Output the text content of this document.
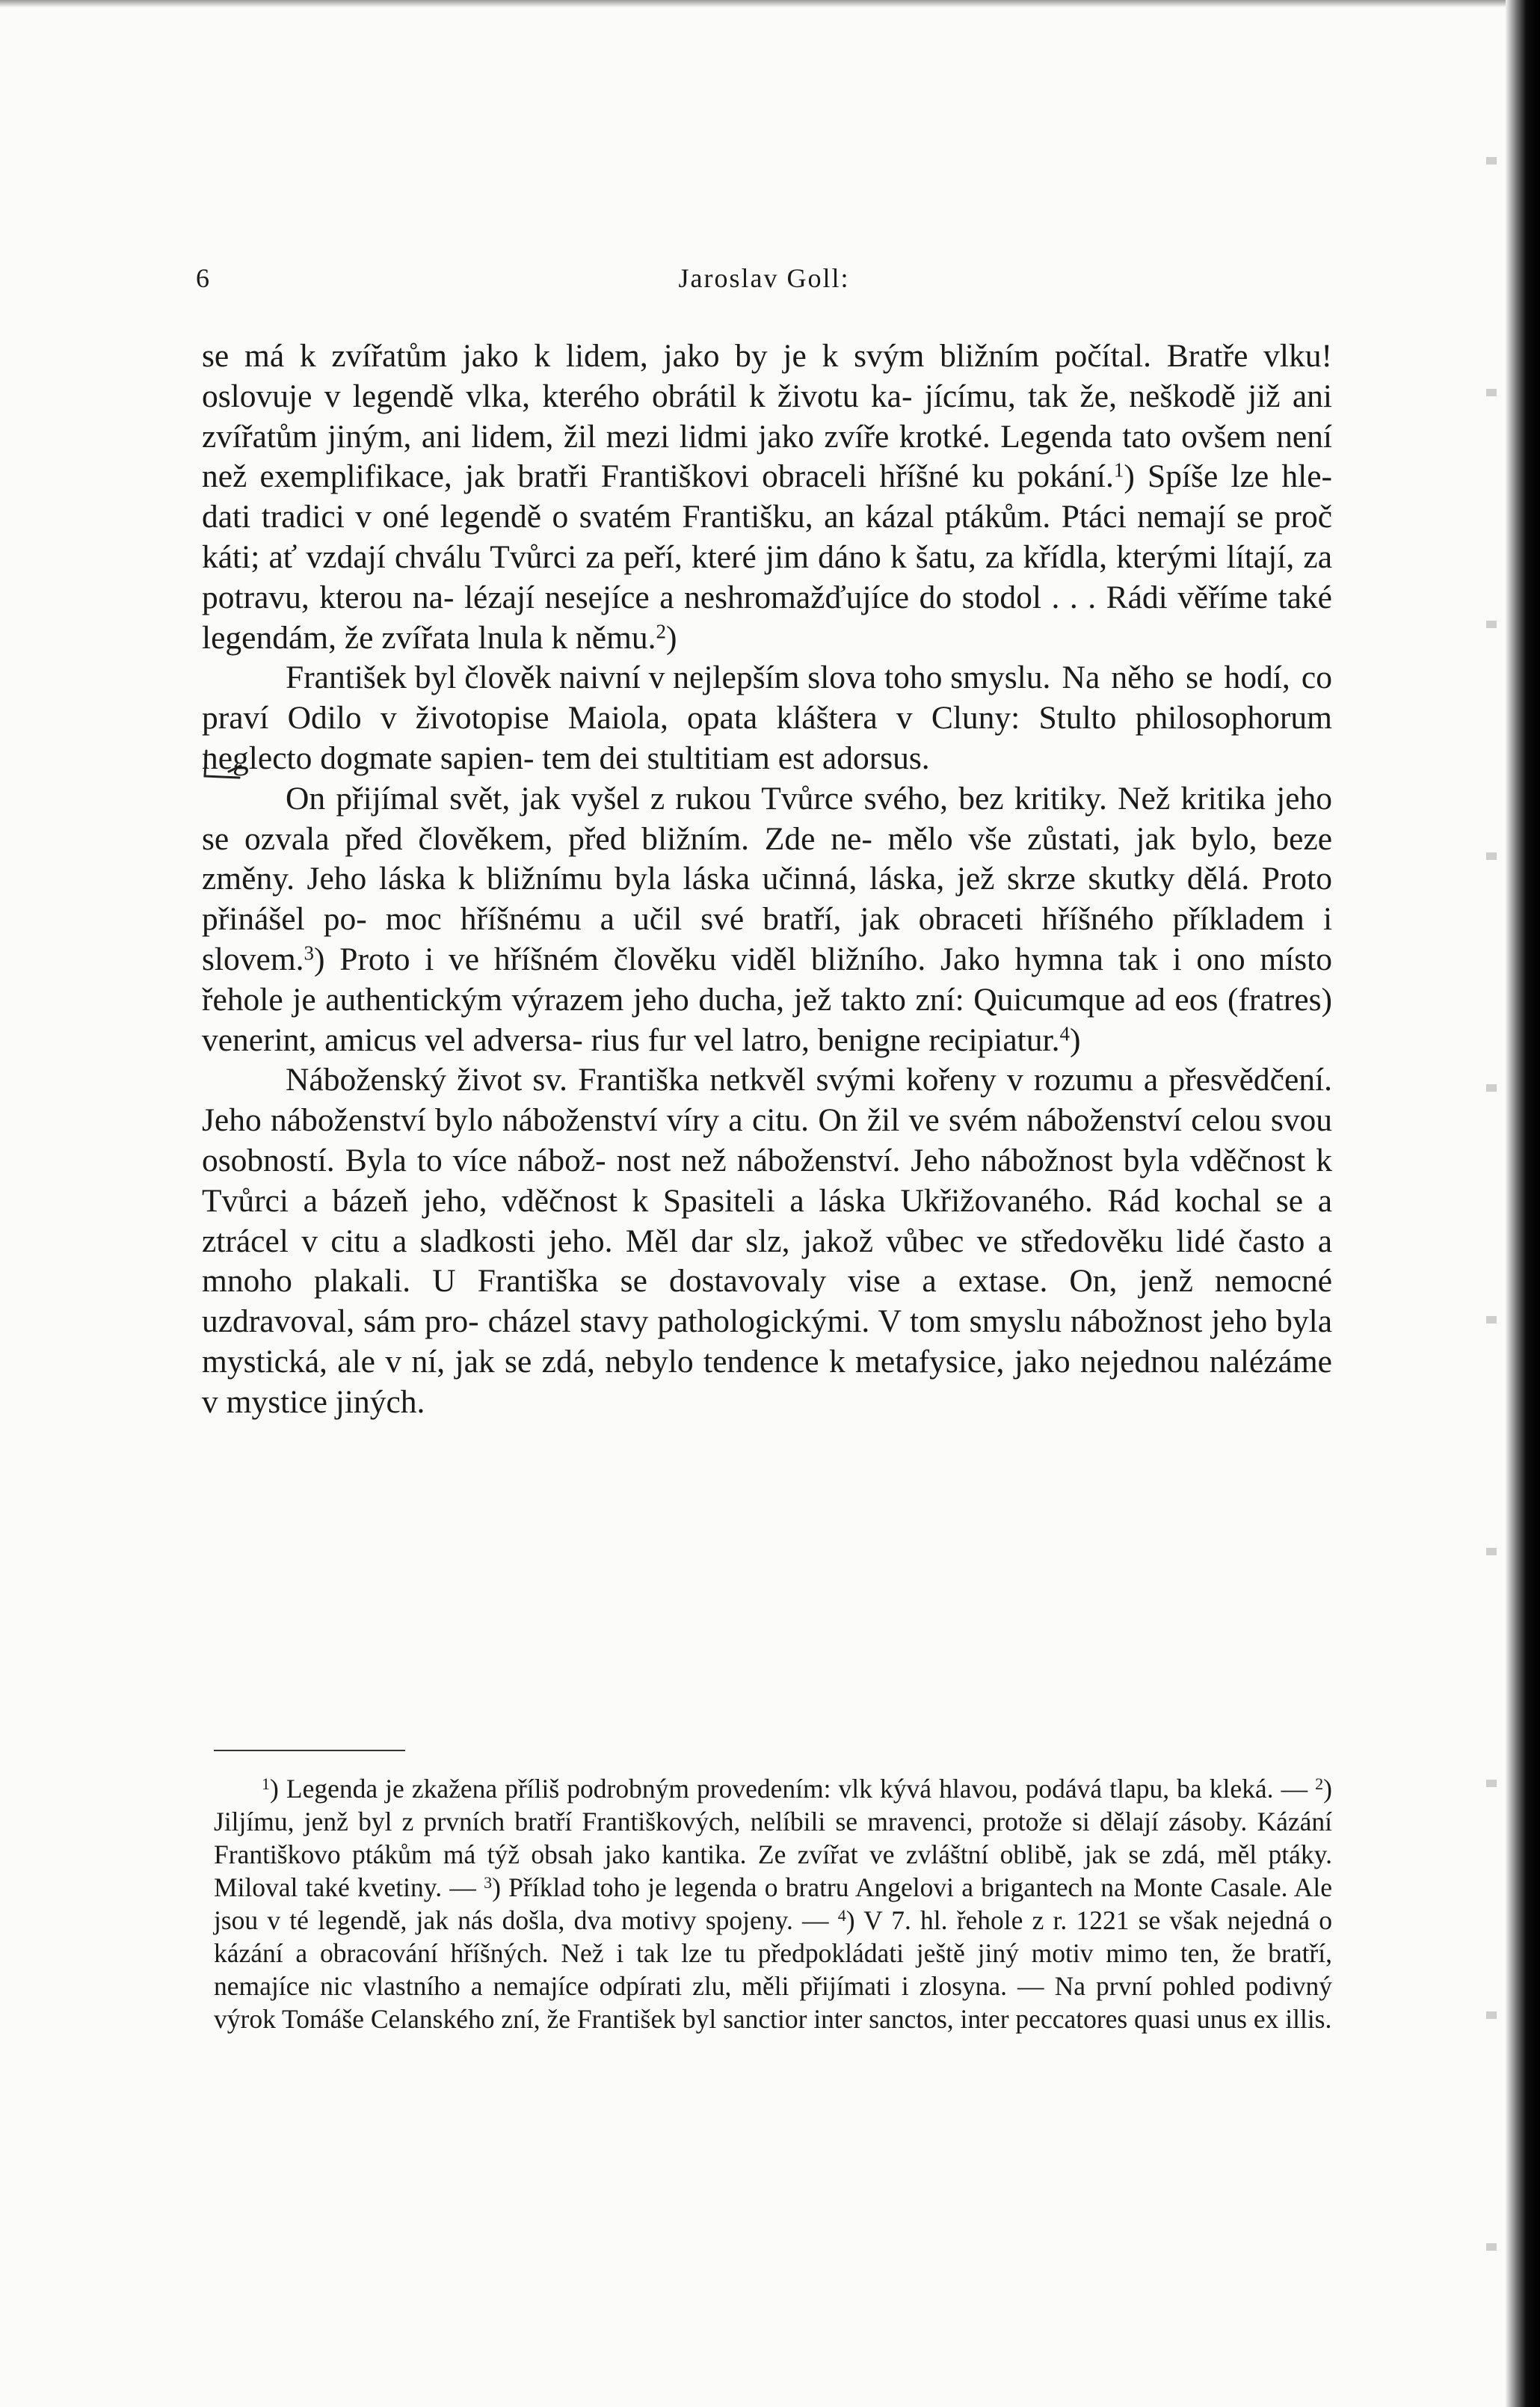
6	Jaroslav Goll:

se má k zvířatům jako k lidem, jako by je k svým bližním počítal. Bratře vlku! oslovuje v legendě vlka, kterého obrátil k životu ka- jícímu, tak že, neškodě již ani zvířatům jiným, ani lidem, žil mezi lidmi jako zvíře krotké. Legenda tato ovšem není než exemplifikace, jak bratři Františkovi obraceli hříšné ku pokání.$^1$) Spíše lze hle- dati tradici v oné legendě o svatém Františku, an kázal ptákům. Ptáci nemají se proč káti; ať vzdají chválu Tvůrci za peří, které jim dáno k šatu, za křídla, kterými lítají, za potravu, kterou na- lézají nesejíce a neshromažďujíce do stodol . . . Rádi věříme také legendám, že zvířata lnula k němu.$^2$)

František byl člověk naivní v nejlepším slova toho smyslu. Na něho se hodí, co praví Odilo v životopise Maiola, opata kláštera v Cluny: Stulto philosophorum neglecto dogmate sapien- tem dei stultitiam est adorsus.

On přijímal svět, jak vyšel z rukou Tvůrce svého, bez kritiky. Než kritika jeho se ozvala před člověkem, před bližním. Zde ne- mělo vše zůstati, jak bylo, beze změny. Jeho láska k bližnímu byla láska učinná, láska, jež skrze skutky dělá. Proto přinášel po- moc hříšnému a učil své bratří, jak obraceti hříšného příkladem i slovem.$^3$) Proto i ve hříšném člověku viděl bližního. Jako hymna tak i ono místo řehole je authentickým výrazem jeho ducha, jež takto zní: Quicumque ad eos (fratres) venerint, amicus vel adversa- rius fur vel latro, benigne recipiatur.$^4$)

Náboženský život sv. Františka netkvěl svými kořeny v rozumu a přesvědčení. Jeho náboženství bylo náboženství víry a citu. On žil ve svém náboženství celou svou osobností. Byla to více nábož- nost než náboženství. Jeho nábožnost byla vděčnost k Tvůrci a bázeň jeho, vděčnost k Spasiteli a láska Ukřižovaného. Rád kochal se a ztrácel v citu a sladkosti jeho. Měl dar slz, jakož vůbec ve středověku lidé často a mnoho plakali. U Františka se dostavovaly vise a extase. On, jenž nemocné uzdravoval, sám pro- cházel stavy pathologickými. V tom smyslu nábožnost jeho byla mystická, ale v ní, jak se zdá, nebylo tendence k metafysice, jako nejednou nalézáme v mystice jiných.

$^1$) Legenda je zkažena příliš podrobným provedením: vlk kývá hlavou, podává tlapu, ba kleká. — $^2$) Jiljímu, jenž byl z prvních bratří Františkových, nelíbili se mravenci, protože si dělají zásoby. Kázání Františkovo ptákům má týž obsah jako kantika. Ze zvířat ve zvláštní oblibě, jak se zdá, měl ptáky. Miloval také kvetiny. — $^3$) Příklad toho je legenda o bratru Angelovi a brigantech na Monte Casale. Ale jsou v té legendě, jak nás došla, dva motivy spojeny. — $^4$) V 7. hl. řehole z r. 1221 se však nejedná o kázání a obracování hříšných. Než i tak lze tu předpokládati ještě jiný motiv mimo ten, že bratří, nemajíce nic vlastního a nemajíce odpírati zlu, měli přijímati i zlosyna. — Na první pohled podivný výrok Tomáše Celanského zní, že František byl sanctior inter sanctos, inter peccatores quasi unus ex illis.
